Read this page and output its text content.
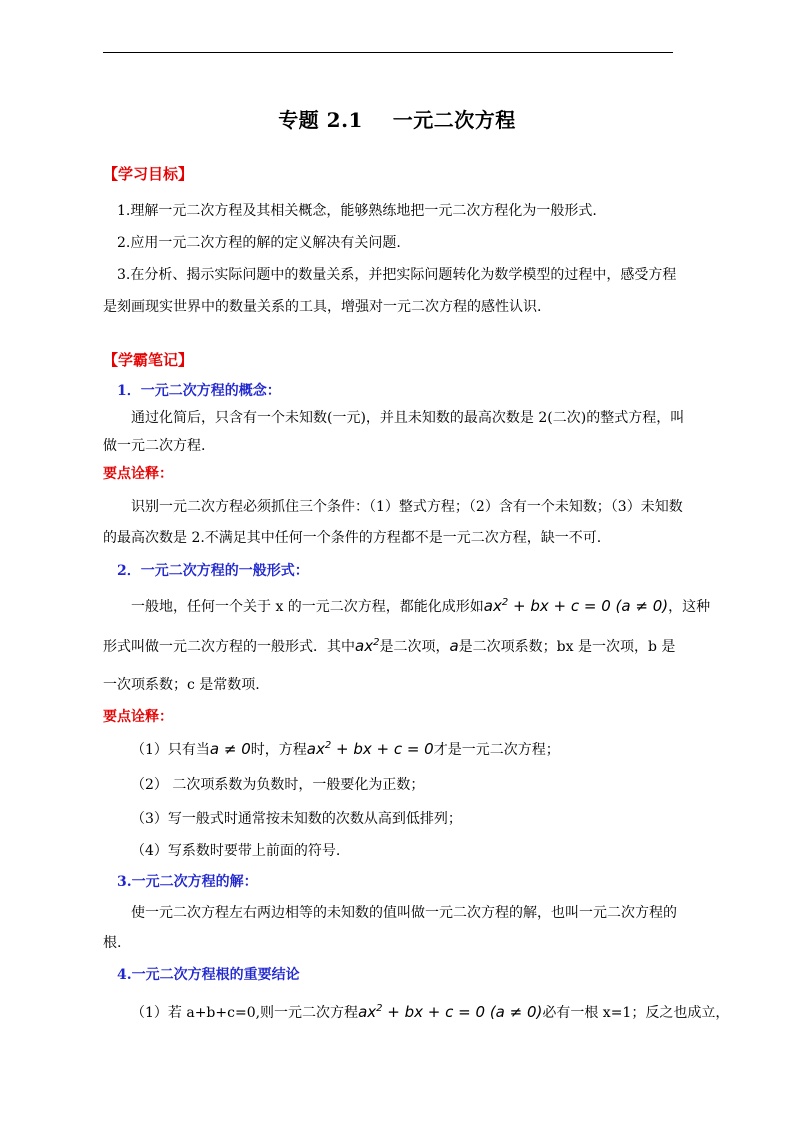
专题 2.1    一元二次方程
【学习目标】
1.理解一元二次方程及其相关概念，能够熟练地把一元二次方程化为一般形式.
2.应用一元二次方程的解的定义解决有关问题.
3.在分析、揭示实际问题中的数量关系，并把实际问题转化为数学模型的过程中，感受方程
是刻画现实世界中的数量关系的工具，增强对一元二次方程的感性认识.
【学霸笔记】
1．一元二次方程的概念：
通过化简后，只含有一个未知数(一元)，并且未知数的最高次数是 2(二次)的整式方程，叫
做一元二次方程.
要点诠释：
识别一元二次方程必须抓住三个条件：（1）整式方程；（2）含有一个未知数；（3）未知数
的最高次数是 2.不满足其中任何一个条件的方程都不是一元二次方程，缺一不可.
2．一元二次方程的一般形式：
一般地，任何一个关于 x 的一元二次方程，都能化成形如$ax^2$ + bx + c = 0 (a ≠ 0)，这种
形式叫做一元二次方程的一般形式．其中$ax^2$是二次项，a是二次项系数；bx 是一次项，b 是
一次项系数；c 是常数项.
要点诠释：
（1）只有当a ≠ 0时，方程$ax^2$ + bx + c = 0才是一元二次方程；
（2） 二次项系数为负数时，一般要化为正数；
（3）写一般式时通常按未知数的次数从高到低排列；
（4）写系数时要带上前面的符号.
3.一元二次方程的解：
使一元二次方程左右两边相等的未知数的值叫做一元二次方程的解，也叫一元二次方程的
根.
4.一元二次方程根的重要结论
（1）若 a+b+c=0,则一元二次方程$ax^2$ + bx + c = 0 (a ≠ 0)必有一根 x=1；反之也成立，
